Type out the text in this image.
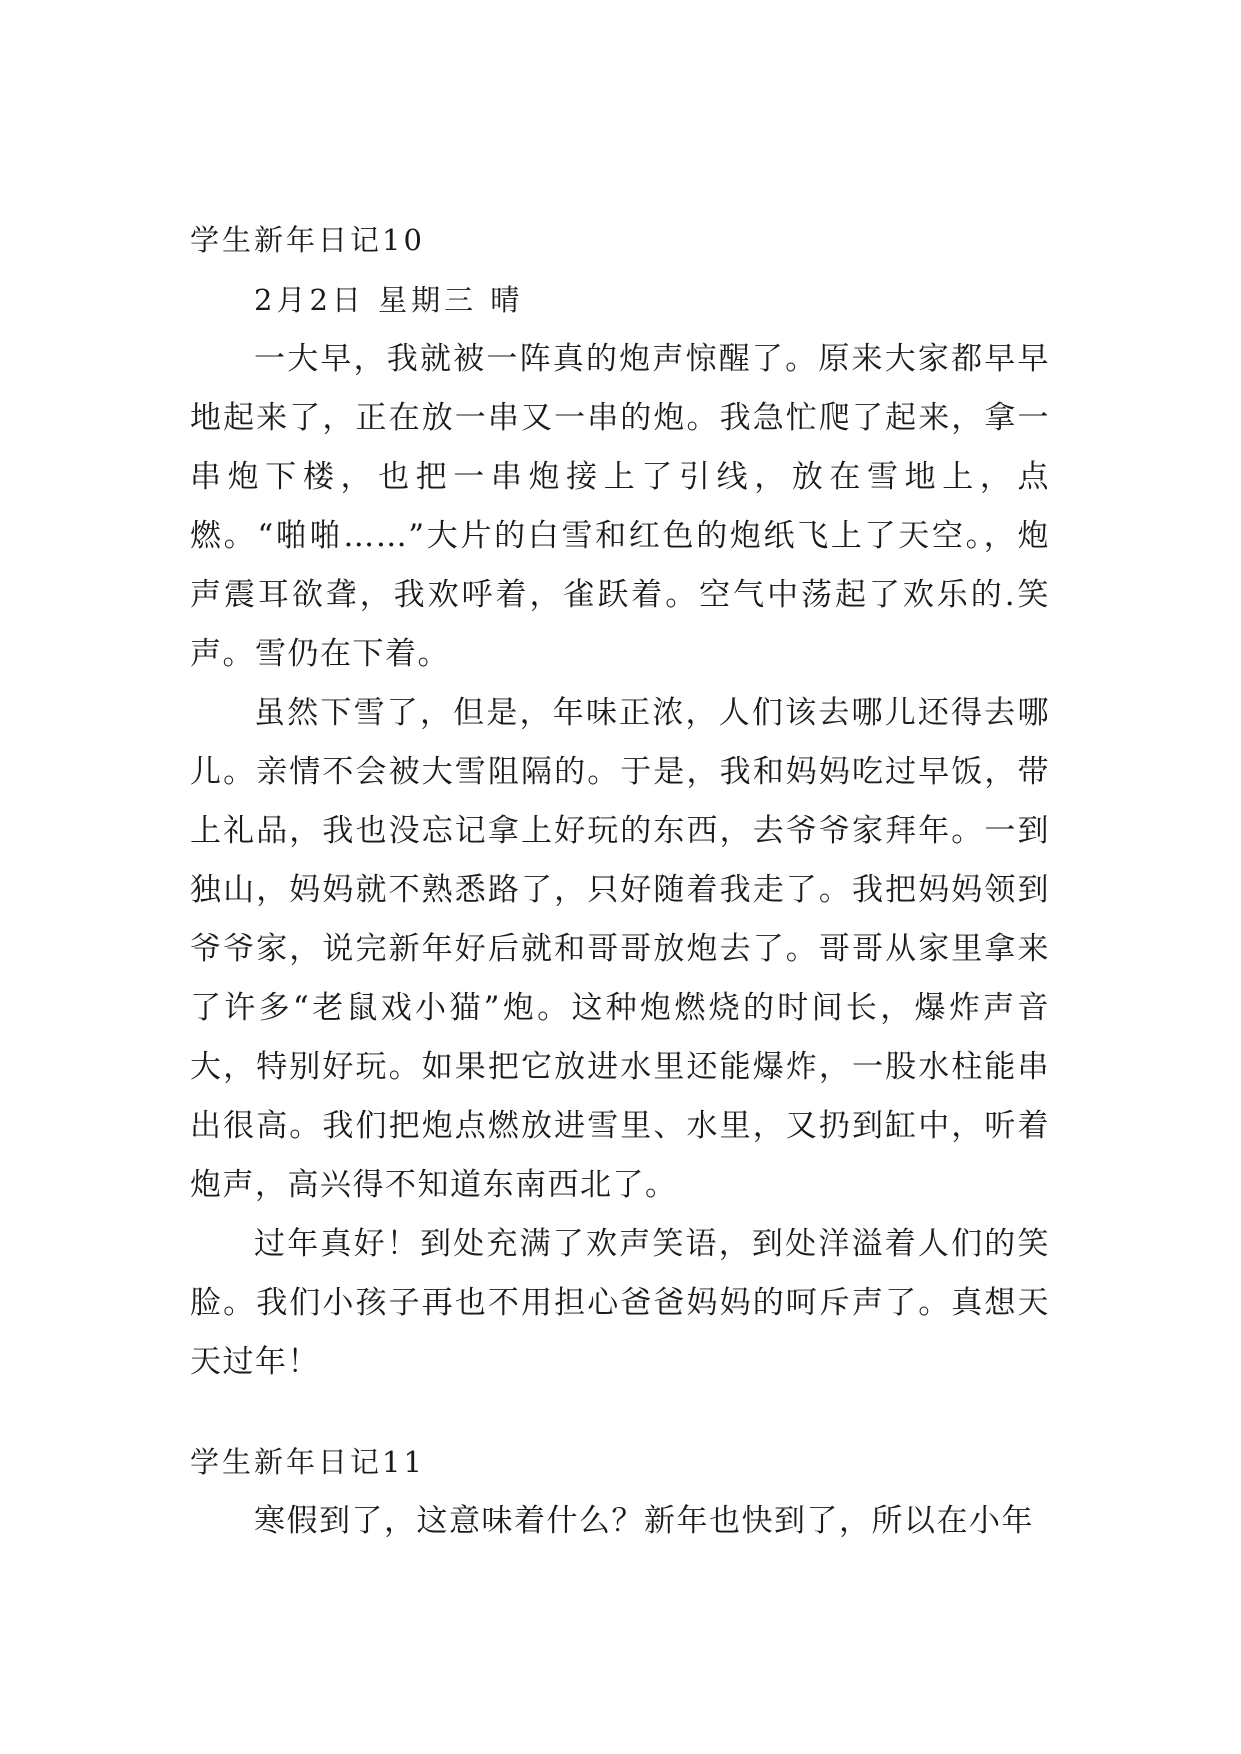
学生新年日记10

2月2日 星期三 晴

一大早，我就被一阵真的炮声惊醒了。原来大家都早早地起来了，正在放一串又一串的炮。我急忙爬了起来，拿一串炮下楼，也把一串炮接上了引线，放在雪地上，点燃。“啪啪……”大片的白雪和红色的炮纸飞上了天空。，炮声震耳欲聋，我欢呼着，雀跃着。空气中荡起了欢乐的.笑声。雪仍在下着。

虽然下雪了，但是，年味正浓，人们该去哪儿还得去哪儿。亲情不会被大雪阻隔的。于是，我和妈妈吃过早饭，带上礼品，我也没忘记拿上好玩的东西，去爷爷家拜年。一到独山，妈妈就不熟悉路了，只好随着我走了。我把妈妈领到爷爷家，说完新年好后就和哥哥放炮去了。哥哥从家里拿来了许多“老鼠戏小猫”炮。这种炮燃烧的时间长，爆炸声音大，特别好玩。如果把它放进水里还能爆炸，一股水柱能串出很高。我们把炮点燃放进雪里、水里，又扔到缸中，听着炮声，高兴得不知道东南西北了。

过年真好！到处充满了欢声笑语，到处洋溢着人们的笑脸。我们小孩子再也不用担心爸爸妈妈的呵斥声了。真想天天过年！

学生新年日记11

寒假到了，这意味着什么？新年也快到了，所以在小年
